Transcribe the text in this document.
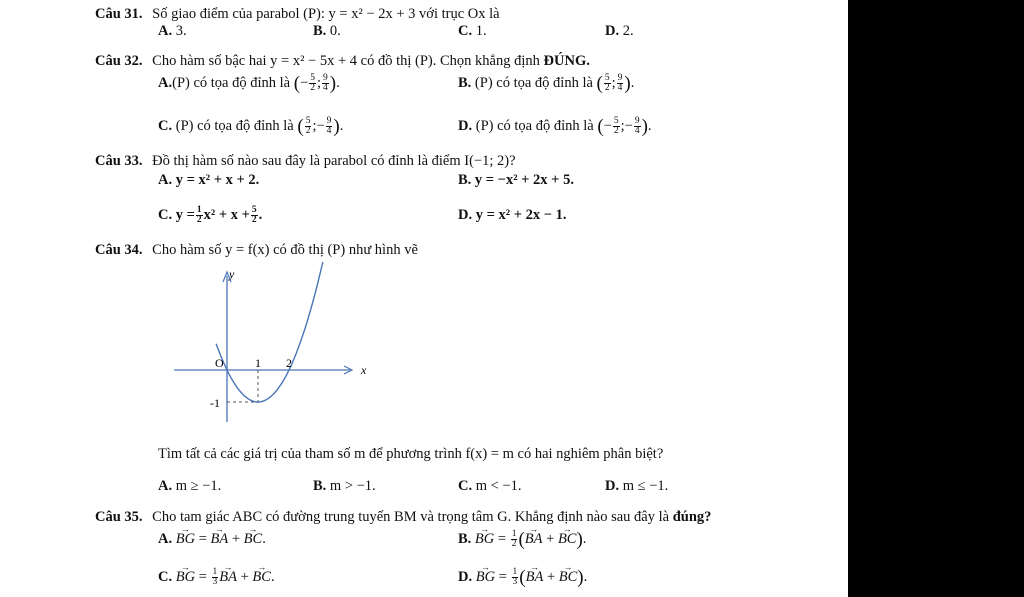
Câu 31. Số giao điểm của parabol (P): y = x² − 2x + 3 với trục Ox là
A. 3.	B. 0.	C. 1.	D. 2.
Câu 32. Cho hàm số bậc hai y = x² − 5x + 4 có đồ thị (P). Chọn khẳng định ĐÚNG.
A.(P) có tọa độ đỉnh là (− $\frac{5}{2}$ ; $\frac{9}{4}$ ).	B. (P) có tọa độ đỉnh là ( $\frac{5}{2}$ ; $\frac{9}{4}$ ).
C. (P) có tọa độ đỉnh là ( $\frac{5}{2}$ ;− $\frac{9}{4}$ ).	D. (P) có tọa độ đỉnh là (− $\frac{5}{2}$ ;− $\frac{9}{4}$ ).
Câu 33. Đồ thị hàm số nào sau đây là parabol có đỉnh là điểm I(−1; 2)?
A. y = x² + x + 2.	B. y = −x² + 2x + 5.
C. $y = \frac{1}{2} x^2 + x + \frac{5}{2}$ .	D. y = x² + 2x − 1.
Câu 34. Cho hàm số y = f(x) có đồ thị (P) như hình vẽ
y
x
O	1 2
-1
Tìm tất cả các giá trị của tham số m để phương trình f(x) = m có hai nghiêm phân biệt?
A. m ≥ −1.	B. m > −1.	C. m < −1.	D. m ≤ −1.
Câu 35. Cho tam giác ABC có đường trung tuyến BM và trọng tâm G. Khẳng định nào sau đây là đúng?
A. → BG = → BA + → BC.	B. → BG = $\frac{1}{2}$ (→ BA + → BC).
C. → BG = $\frac{1}{3}$ → BA + → BC.	D. → BG = $\frac{1}{3}$ (→ BA + → BC).
